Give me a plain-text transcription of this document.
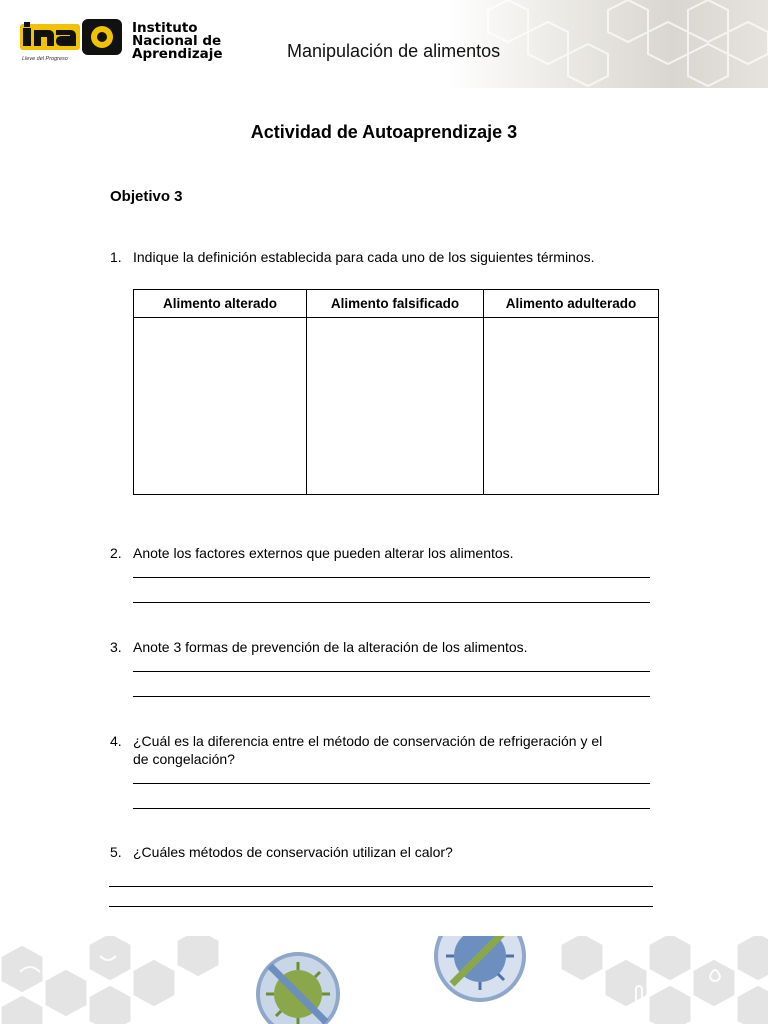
Instituto
Nacional de
Aprendizaje
Lleve del Progreso	Manipulación de alimentos
Actividad de Autoaprendizaje 3
Objetivo 3
1. Indique la definición establecida para cada uno de los siguientes términos.
Alimento alterado	Alimento falsificado	Alimento adulterado

2. Anote los factores externos que pueden alterar los alimentos.
3. Anote 3 formas de prevención de la alteración de los alimentos.
4. ¿Cuál es la diferencia entre el método de conservación de refrigeración y el
de congelación?
5. ¿Cuáles métodos de conservación utilizan el calor?
